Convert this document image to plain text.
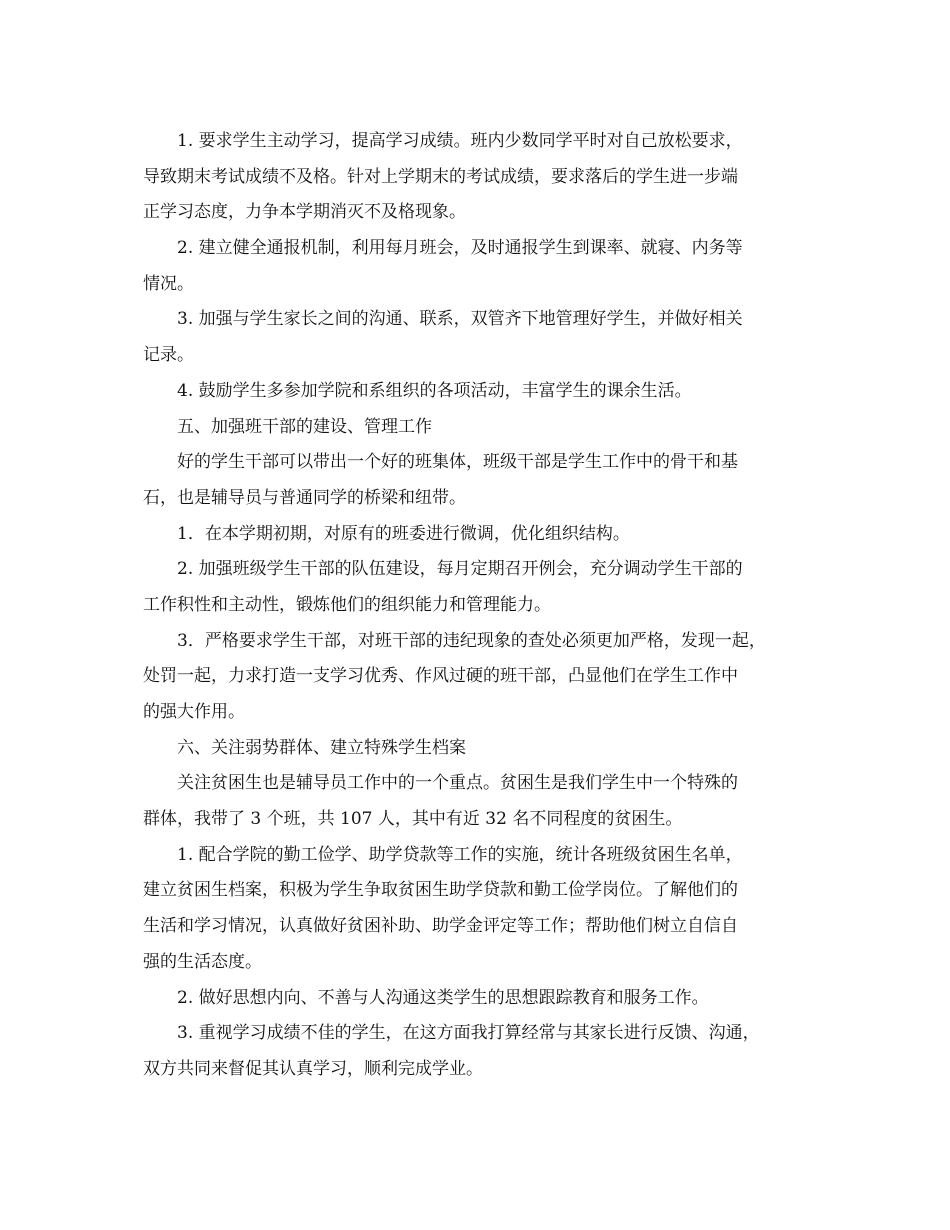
1. 要求学生主动学习，提高学习成绩。班内少数同学平时对自己放松要求，
导致期末考试成绩不及格。针对上学期末的考试成绩，要求落后的学生进一步端
正学习态度，力争本学期消灭不及格现象。
2. 建立健全通报机制，利用每月班会，及时通报学生到课率、就寝、内务等
情况。
3. 加强与学生家长之间的沟通、联系，双管齐下地管理好学生，并做好相关
记录。
4. 鼓励学生多参加学院和系组织的各项活动，丰富学生的课余生活。
五、加强班干部的建设、管理工作
好的学生干部可以带出一个好的班集体，班级干部是学生工作中的骨干和基
石，也是辅导员与普通同学的桥梁和纽带。
1．在本学期初期，对原有的班委进行微调，优化组织结构。
2. 加强班级学生干部的队伍建设，每月定期召开例会，充分调动学生干部的
工作积性和主动性，锻炼他们的组织能力和管理能力。
3．严格要求学生干部，对班干部的违纪现象的查处必须更加严格，发现一起，
处罚一起，力求打造一支学习优秀、作风过硬的班干部，凸显他们在学生工作中
的强大作用。
六、关注弱势群体、建立特殊学生档案
关注贫困生也是辅导员工作中的一个重点。贫困生是我们学生中一个特殊的
群体，我带了 3 个班，共 107 人，其中有近 32 名不同程度的贫困生。
1. 配合学院的勤工俭学、助学贷款等工作的实施，统计各班级贫困生名单，
建立贫困生档案，积极为学生争取贫困生助学贷款和勤工俭学岗位。了解他们的
生活和学习情况，认真做好贫困补助、助学金评定等工作；帮助他们树立自信自
强的生活态度。
2. 做好思想内向、不善与人沟通这类学生的思想跟踪教育和服务工作。
3. 重视学习成绩不佳的学生，在这方面我打算经常与其家长进行反馈、沟通，
双方共同来督促其认真学习，顺利完成学业。
